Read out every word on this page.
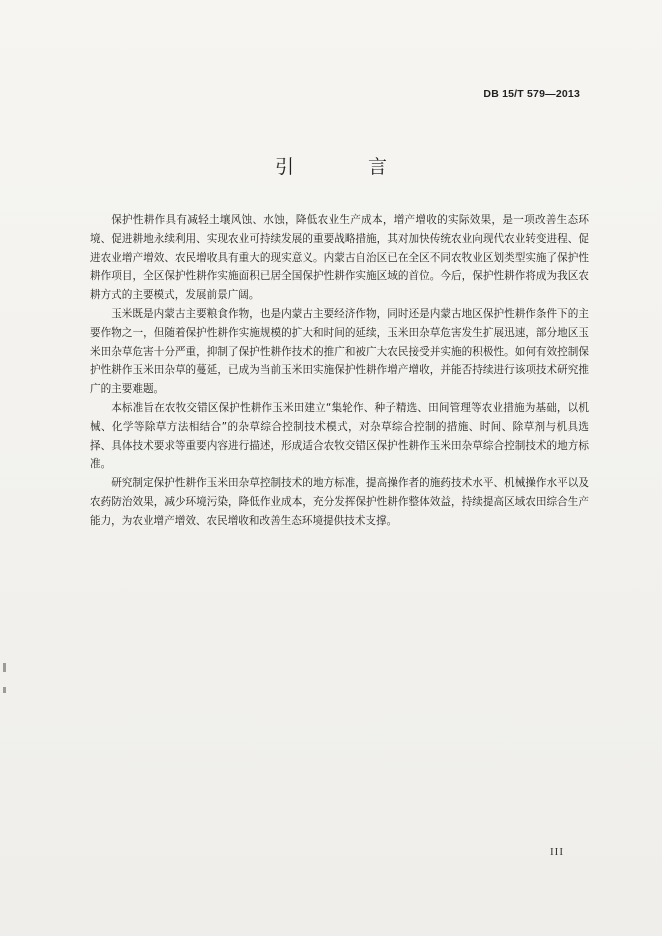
DB 15/T 579—2013
引 言

保护性耕作具有减轻土壤风蚀、水蚀，降低农业生产成本，增产增收的实际效果，是一项改善生态环境、促进耕地永续利用、实现农业可持续发展的重要战略措施，其对加快传统农业向现代农业转变进程、促进农业增产增效、农民增收具有重大的现实意义。内蒙古自治区已在全区不同农牧业区划类型实施了保护性耕作项目，全区保护性耕作实施面积已居全国保护性耕作实施区域的首位。今后，保护性耕作将成为我区农耕方式的主要模式，发展前景广阔。

玉米既是内蒙古主要粮食作物，也是内蒙古主要经济作物，同时还是内蒙古地区保护性耕作条件下的主要作物之一，但随着保护性耕作实施规模的扩大和时间的延续，玉米田杂草危害发生扩展迅速，部分地区玉米田杂草危害十分严重，抑制了保护性耕作技术的推广和被广大农民接受并实施的积极性。如何有效控制保护性耕作玉米田杂草的蔓延，已成为当前玉米田实施保护性耕作增产增收，并能否持续进行该项技术研究推广的主要难题。

本标准旨在农牧交错区保护性耕作玉米田建立“集轮作、种子精选、田间管理等农业措施为基础，以机械、化学等除草方法相结合”的杂草综合控制技术模式，对杂草综合控制的措施、时间、除草剂与机具选择、具体技术要求等重要内容进行描述，形成适合农牧交错区保护性耕作玉米田杂草综合控制技术的地方标准。

研究制定保护性耕作玉米田杂草控制技术的地方标准，提高操作者的施药技术水平、机械操作水平以及农药防治效果，减少环境污染，降低作业成本，充分发挥保护性耕作整体效益，持续提高区域农田综合生产能力，为农业增产增效、农民增收和改善生态环境提供技术支撑。

III
